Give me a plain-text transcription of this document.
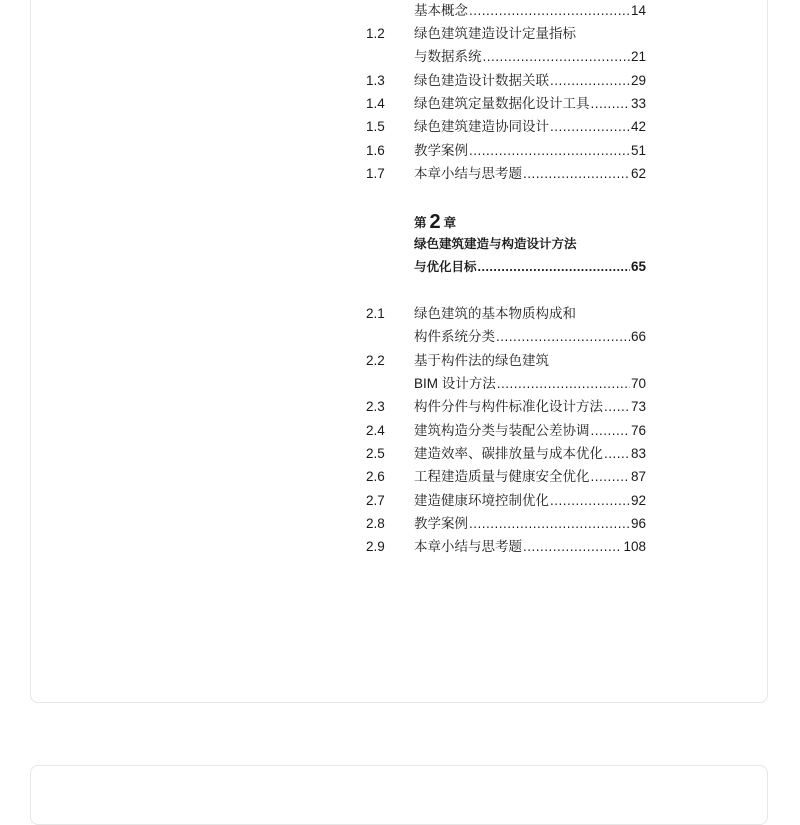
基本概念 .....	14
1.2	绿色建筑建造设计定量指标
与数据系统 .....	21
1.3	绿色建造设计数据关联 .....	29
1.4	绿色建筑定量数据化设计工具 .....	33
1.5	绿色建筑建造协同设计 .....	42
1.6	教学案例 .....	51
1.7	本章小结与思考题 .....	62
第 2 章
绿色建筑建造与构造设计方法
与优化目标 .....	65
2.1	绿色建筑的基本物质构成和
构件系统分类 .....	66
2.2	基于构件法的绿色建筑
BIM 设计方法 .....	70
2.3	构件分件与构件标准化设计方法 ..... 73
2.4	建筑构造分类与装配公差协调 .....	76
2.5	建造效率、碳排放量与成本优化 ..... 83
2.6	工程建造质量与健康安全优化 .....	87
2.7	建造健康环境控制优化 .....	92
2.8	教学案例 .....	96
2.9	本章小结与思考题 .....	108
